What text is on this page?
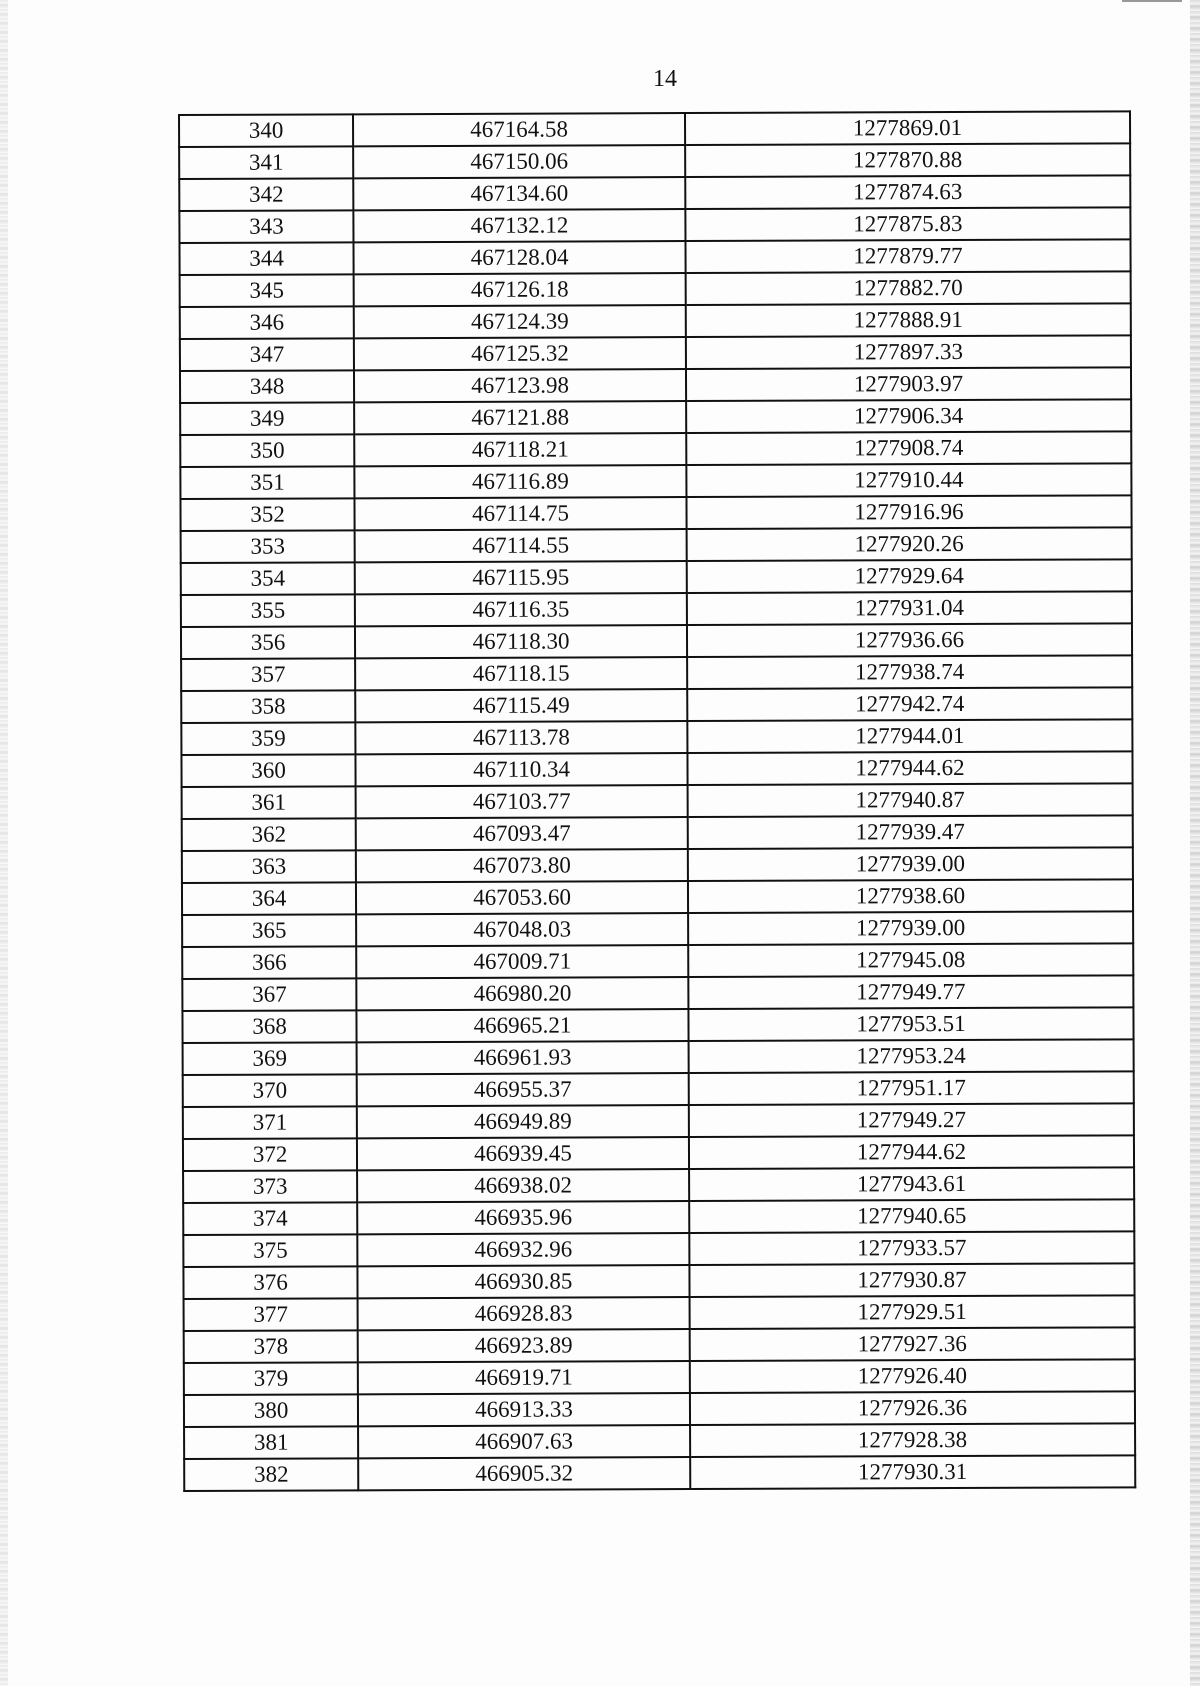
14
340	467164.58	1277869.01
341	467150.06	1277870.88
342	467134.60	1277874.63
343	467132.12	1277875.83
344	467128.04	1277879.77
345	467126.18	1277882.70
346	467124.39	1277888.91
347	467125.32	1277897.33
348	467123.98	1277903.97
349	467121.88	1277906.34
350	467118.21	1277908.74
351	467116.89	1277910.44
352	467114.75	1277916.96
353	467114.55	1277920.26
354	467115.95	1277929.64
355	467116.35	1277931.04
356	467118.30	1277936.66
357	467118.15	1277938.74
358	467115.49	1277942.74
359	467113.78	1277944.01
360	467110.34	1277944.62
361	467103.77	1277940.87
362	467093.47	1277939.47
363	467073.80	1277939.00
364	467053.60	1277938.60
365	467048.03	1277939.00
366	467009.71	1277945.08
367	466980.20	1277949.77
368	466965.21	1277953.51
369	466961.93	1277953.24
370	466955.37	1277951.17
371	466949.89	1277949.27
372	466939.45	1277944.62
373	466938.02	1277943.61
374	466935.96	1277940.65
375	466932.96	1277933.57
376	466930.85	1277930.87
377	466928.83	1277929.51
378	466923.89	1277927.36
379	466919.71	1277926.40
380	466913.33	1277926.36
381	466907.63	1277928.38
382	466905.32	1277930.31
